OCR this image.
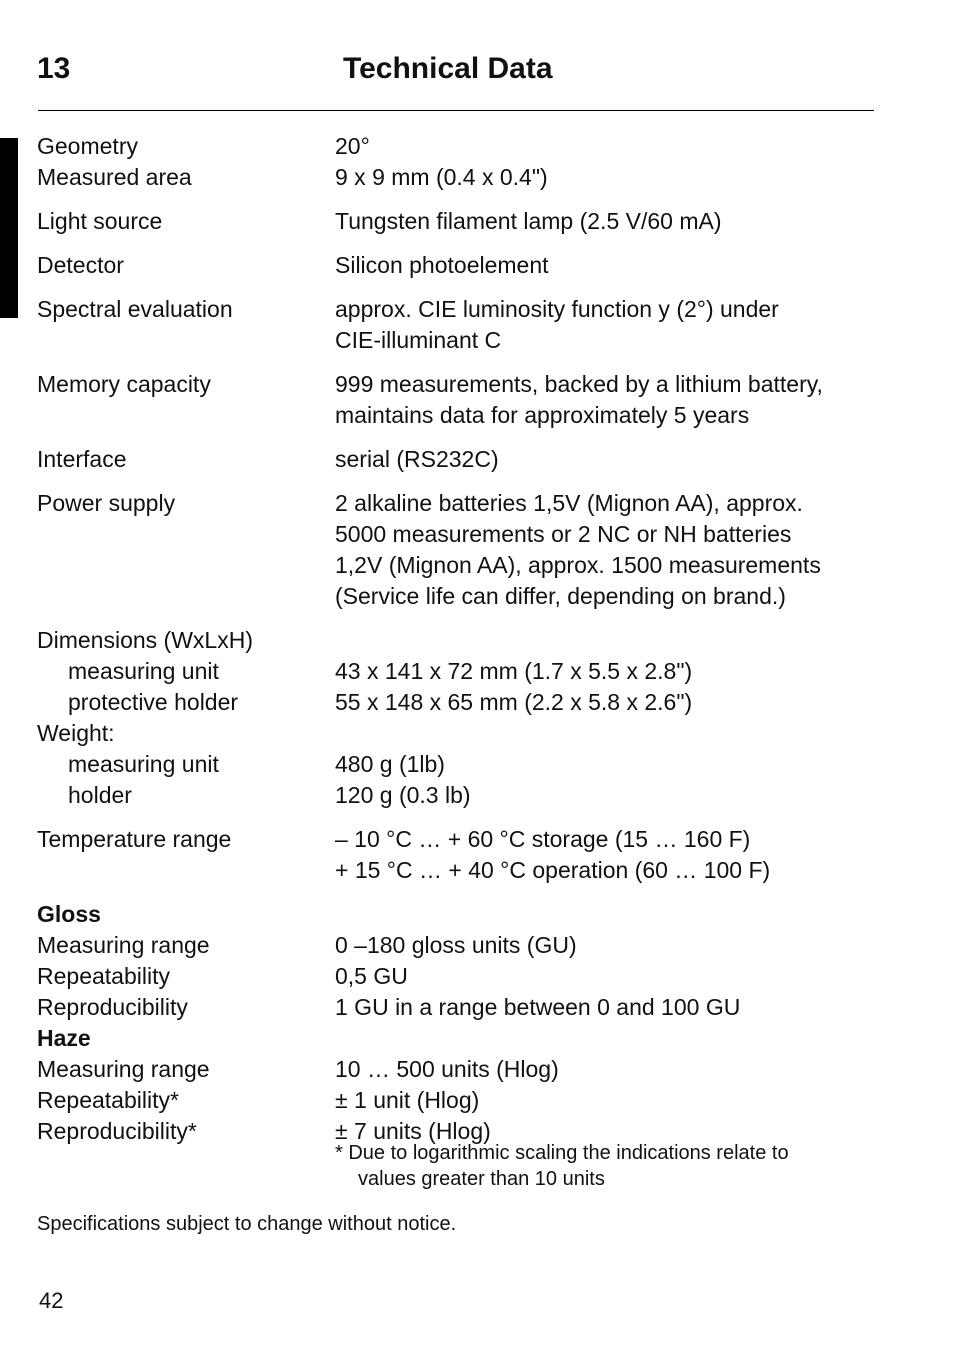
13	Technical Data
Geometry	20°
Measured area	9 x 9 mm (0.4 x 0.4")
Light source	Tungsten filament lamp (2.5 V/60 mA)
Detector	Silicon photoelement
Spectral evaluation	approx. CIE luminosity function y (2°) under
CIE-illuminant C
Memory capacity	999 measurements, backed by a lithium battery,
maintains data for approximately 5 years
Interface	serial (RS232C)
Power supply	2 alkaline batteries 1,5V (Mignon AA), approx.
5000 measurements or 2 NC or NH batteries
1,2V (Mignon AA), approx. 1500 measurements
(Service life can differ, depending on brand.)
Dimensions (WxLxH)

measuring unit	43 x 141 x 72 mm (1.7 x 5.5 x 2.8")
protective holder	55 x 148 x 65 mm (2.2 x 5.8 x 2.6")
Weight:

measuring unit	480 g (1lb)
holder	120 g (0.3 lb)
Temperature range	– 10 °C … + 60 °C storage (15 … 160 F)
+ 15 °C … + 40 °C operation (60 … 100 F)
Gloss

Measuring range	0 –180 gloss units (GU)
Repeatability	0,5 GU
Reproducibility	1 GU in a range between 0 and 100 GU
Haze

Measuring range	10 … 500 units (Hlog)
Repeatability*	± 1 unit (Hlog)
Reproducibility*	± 7 units (Hlog)
* Due to logarithmic scaling the indications relate to
values greater than 10 units
Specifications subject to change without notice.
42
